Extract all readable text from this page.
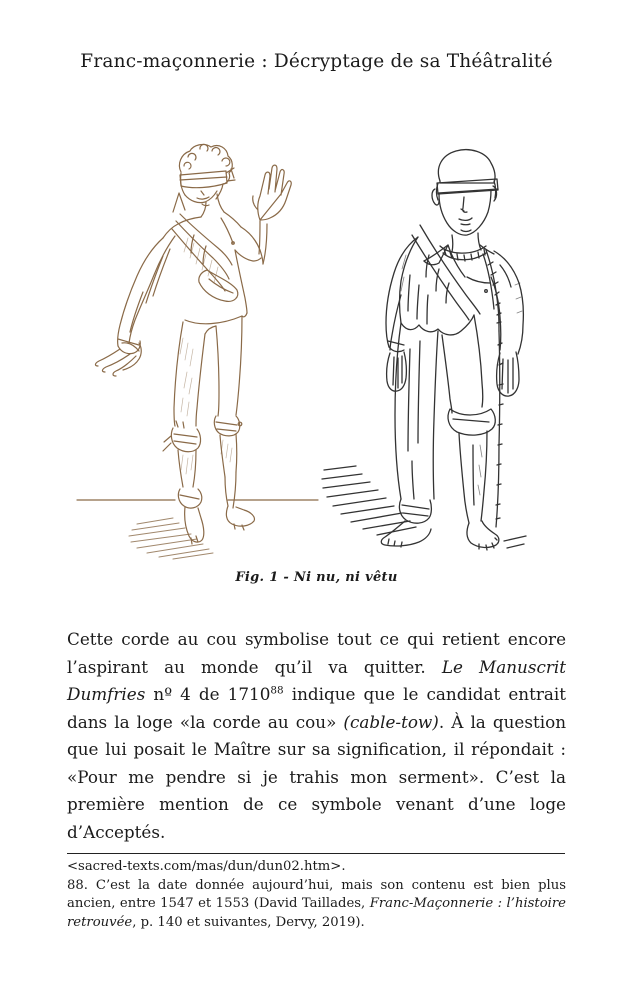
Franc-maçonnerie : Décryptage de sa Théâtralité
Fig. 1 - Ni nu, ni vêtu

Cette corde au cou symbolise tout ce qui retient encore l’aspirant au monde qu’il va quitter. Le Manuscrit Dumfries nº 4 de 1710$^{88}$ indique que le candidat entrait dans la loge «la corde au cou» (cable-tow). À la question que lui posait le Maître sur sa signification, il répondait : «Pour me pendre si je trahis mon serment». C’est la première mention de ce symbole venant d’une loge d’Acceptés.

<sacred-texts.com/mas/dun/dun02.htm>.

88. C’est la date donnée aujourd’hui, mais son contenu est bien plus ancien, entre 1547 et 1553 (David Taillades, Franc-Maçonnerie : l’histoire retrouvée, p. 140 et suivantes, Dervy, 2019).
